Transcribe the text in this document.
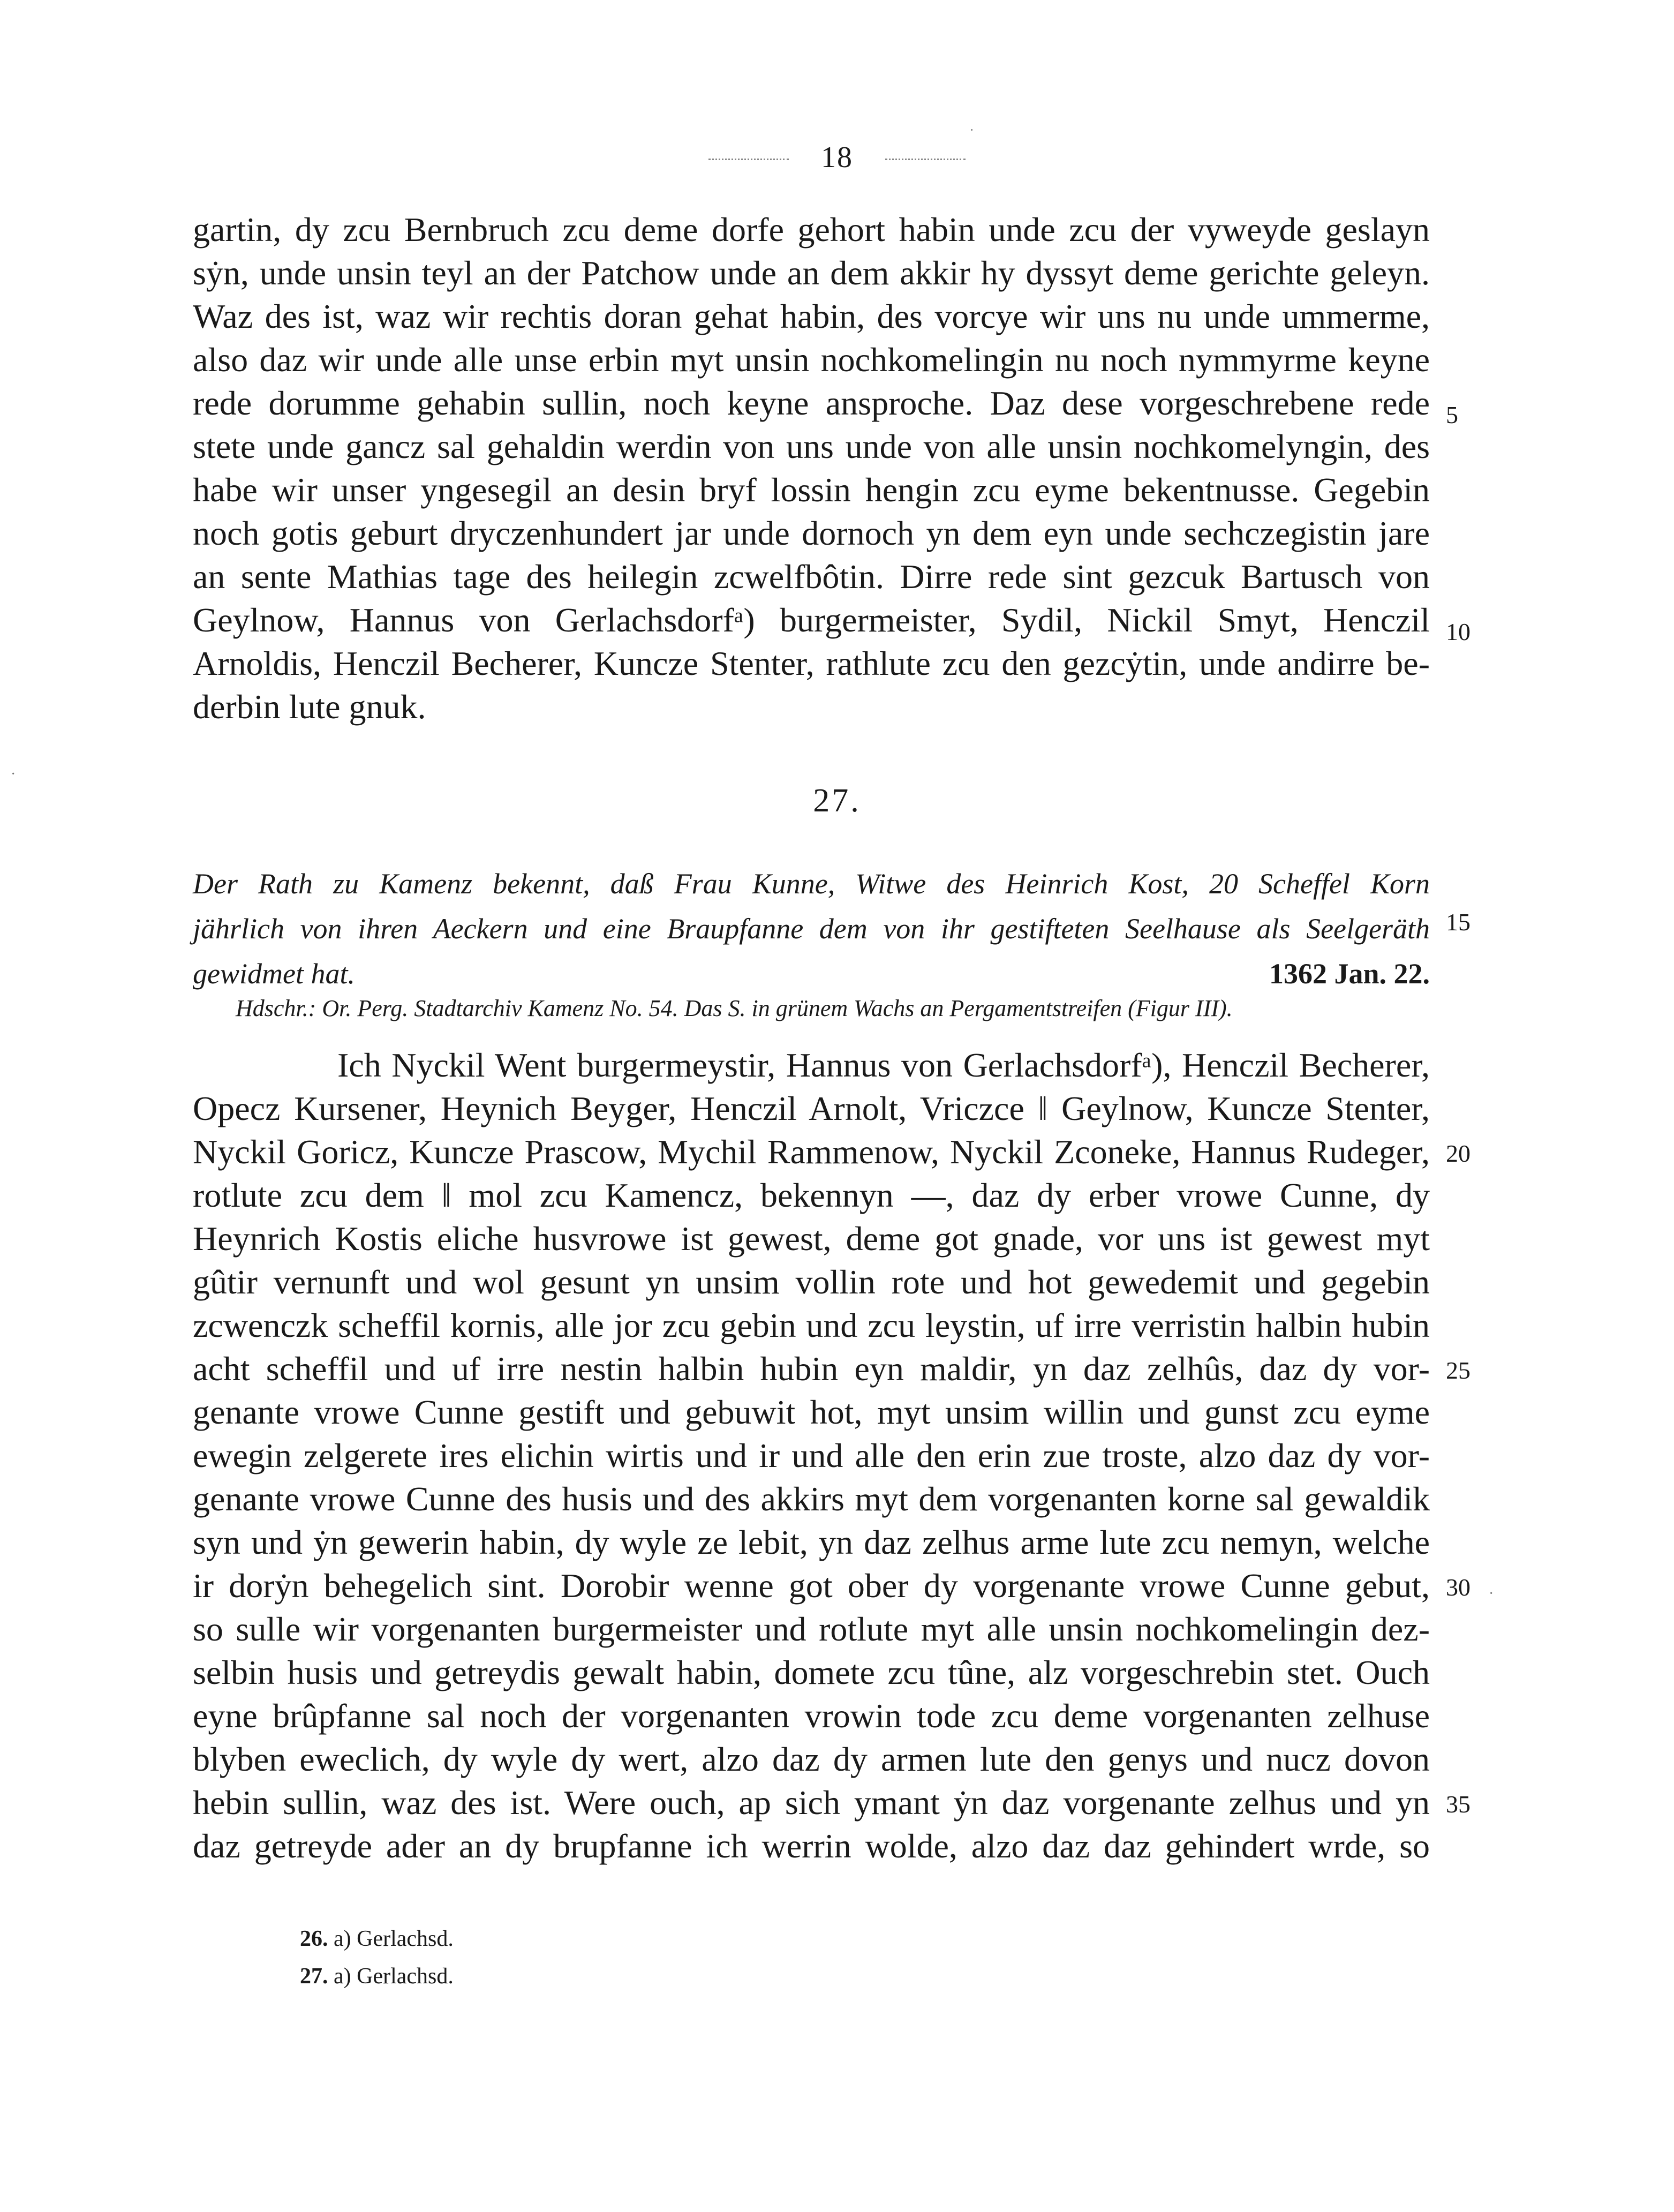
18
˙
gartin, dy zcu Bernbruch zcu deme dorfe gehort habin unde zcu der vyweyde geslayn
sẏn, unde unsin teyl an der Patchow unde an dem akkir hy dyssyt deme gerichte geleyn.
Waz des ist, waz wir rechtis doran gehat habin, des vorcye wir uns nu unde ummerme,
also daz wir unde alle unse erbin myt unsin nochkomelingin nu noch nymmyrme keyne
rede dorumme gehabin sullin, noch keyne ansproche. Daz dese vorgeschrebene rede
stete unde gancz sal gehaldin werdin von uns unde von alle unsin nochkomelyngin, des
habe wir unser yngesegil an desin bryf lossin hengin zcu eyme bekentnusse. Gegebin
noch gotis geburt dryczenhundert jar unde dornoch yn dem eyn unde sechczegistin jare
an sente Mathias tage des heilegin zcwelfbôtin. Dirre rede sint gezcuk Bartusch von
Geylnow, Hannus von Gerlachsdorfᵃ) burgermeister, Sydil, Nickil Smyt, Henczil
Arnoldis, Henczil Becherer, Kuncze Stenter, rathlute zcu den gezcẏtin, unde andirre be-
derbin lute gnuk.
5
10
27.
Der Rath zu Kamenz bekennt, daß Frau Kunne, Witwe des Heinrich Kost, 20 Scheffel Korn
jährlich von ihren Aeckern und eine Braupfanne dem von ihr gestifteten Seelhause als Seelgeräth
gewidmet hat.	1362 Jan. 22.
15
Hdschr.: Or. Perg. Stadtarchiv Kamenz No. 54. Das S. in grünem Wachs an Pergamentstreifen (Figur III).
Ich Nyckil Went burgermeystir, Hannus von Gerlachsdorfᵃ), Henczil Becherer,
Opecz Kursener, Heynich Beyger, Henczil Arnolt, Vriczce ‖ Geylnow, Kuncze Stenter,
Nyckil Goricz, Kuncze Prascow, Mychil Rammenow, Nyckil Zconeke, Hannus Rudeger,
rotlute zcu dem ‖ mol zcu Kamencz, bekennyn —, daz dy erber vrowe Cunne, dy
Heynrich Kostis eliche husvrowe ist gewest, deme got gnade, vor uns ist gewest myt
gûtir vernunft und wol gesunt yn unsim vollin rote und hot gewedemit und gegebin
zcwenczk scheffil kornis, alle jor zcu gebin und zcu leystin, uf irre verristin halbin hubin
acht scheffil und uf irre nestin halbin hubin eyn maldir, yn daz zelhûs, daz dy vor-
genante vrowe Cunne gestift und gebuwit hot, myt unsim willin und gunst zcu eyme
ewegin zelgerete ires elichin wirtis und ir und alle den erin zue troste, alzo daz dy vor-
genante vrowe Cunne des husis und des akkirs myt dem vorgenanten korne sal gewaldik
syn und ẏn gewerin habin, dy wyle ze lebit, yn daz zelhus arme lute zcu nemyn, welche
ir dorẏn behegelich sint. Dorobir wenne got ober dy vorgenante vrowe Cunne gebut,
so sulle wir vorgenanten burgermeister und rotlute myt alle unsin nochkomelingin dez-
selbin husis und getreydis gewalt habin, domete zcu tûne, alz vorgeschrebin stet. Ouch
eyne brûpfanne sal noch der vorgenanten vrowin tode zcu deme vorgenanten zelhuse
blyben eweclich, dy wyle dy wert, alzo daz dy armen lute den genys und nucz dovon
hebin sullin, waz des ist. Were ouch, ap sich ymant ẏn daz vorgenante zelhus und yn
daz getreyde ader an dy brupfanne ich werrin wolde, alzo daz daz gehindert wrde, so
20
25
30
35
·
·
26. a) Gerlachsd.
27. a) Gerlachsd.
